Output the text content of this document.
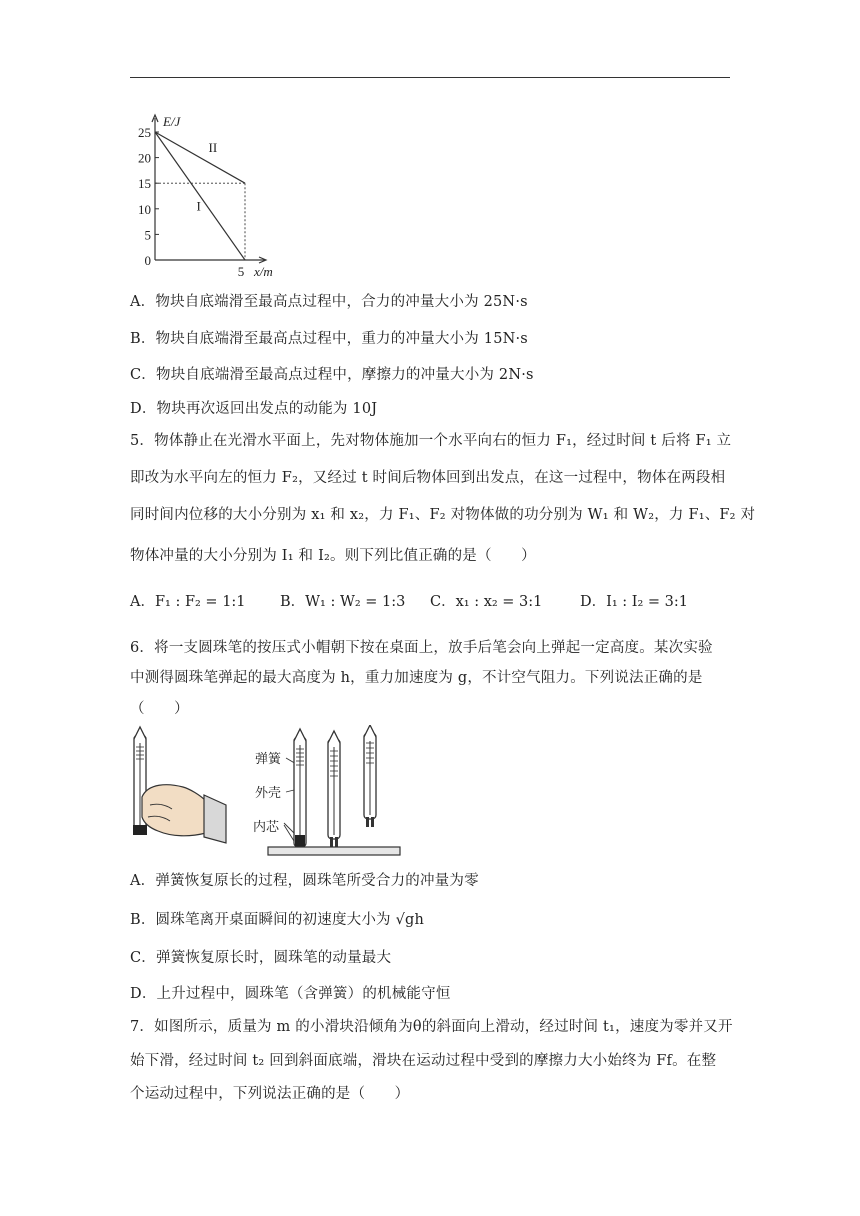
25
20
15
10
5
0
5
E/J
x/m
II
I
A．物块自底端滑至最高点过程中，合力的冲量大小为 25N·s
B．物块自底端滑至最高点过程中，重力的冲量大小为 15N·s
C．物块自底端滑至最高点过程中，摩擦力的冲量大小为 2N·s
D．物块再次返回出发点的动能为 10J
5．物体静止在光滑水平面上，先对物体施加一个水平向右的恒力 F₁，经过时间 t 后将 F₁ 立
即改为水平向左的恒力 F₂，又经过 t 时间后物体回到出发点，在这一过程中，物体在两段相
同时间内位移的大小分别为 x₁ 和 x₂，力 F₁、F₂ 对物体做的功分别为 W₁ 和 W₂，力 F₁、F₂ 对
物体冲量的大小分别为 I₁ 和 I₂。则下列比值正确的是（　　）
A．F₁ : F₂ = 1:1 B．W₁ : W₂ = 1:3 C．x₁ : x₂ = 3:1	D．I₁ : I₂ = 3:1
6．将一支圆珠笔的按压式小帽朝下按在桌面上，放手后笔会向上弹起一定高度。某次实验
中测得圆珠笔弹起的最大高度为 h，重力加速度为 g，不计空气阻力。下列说法正确的是
（　　）
弹簧
外壳
内芯
A．弹簧恢复原长的过程，圆珠笔所受合力的冲量为零
B．圆珠笔离开桌面瞬间的初速度大小为 √gh
C．弹簧恢复原长时，圆珠笔的动量最大
D．上升过程中，圆珠笔（含弹簧）的机械能守恒
7．如图所示，质量为 m 的小滑块沿倾角为θ的斜面向上滑动，经过时间 t₁，速度为零并又开
始下滑，经过时间 t₂ 回到斜面底端，滑块在运动过程中受到的摩擦力大小始终为 Ff。在整
个运动过程中，下列说法正确的是（　　）
